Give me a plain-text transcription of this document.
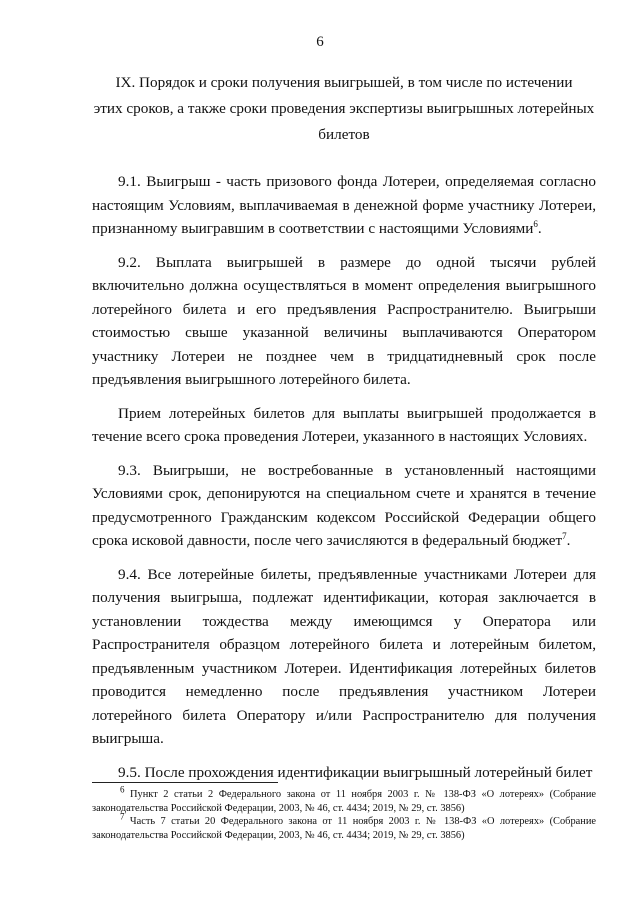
6
IX. Порядок и сроки получения выигрышей, в том числе по истечении
этих сроков, а также сроки проведения экспертизы выигрышных лотерейных
билетов

9.1. Выигрыш - часть призового фонда Лотереи, определяемая согласно настоящим Условиям, выплачиваемая в денежной форме участнику Лотереи, признанному выигравшим в соответствии с настоящими Условиями$^6$.

9.2. Выплата выигрышей в размере до одной тысячи рублей включительно должна осуществляться в момент определения выигрышного лотерейного билета и его предъявления Распространителю. Выигрыши стоимостью свыше указанной величины выплачиваются Оператором участнику Лотереи не позднее чем в тридцатидневный срок после предъявления выигрышного лотерейного билета.

Прием лотерейных билетов для выплаты выигрышей продолжается в течение всего срока проведения Лотереи, указанного в настоящих Условиях.

9.3. Выигрыши, не востребованные в установленный настоящими Условиями срок, депонируются на специальном счете и хранятся в течение предусмотренного Гражданским кодексом Российской Федерации общего срока исковой давности, после чего зачисляются в федеральный бюджет$^7$.

9.4. Все лотерейные билеты, предъявленные участниками Лотереи для получения выигрыша, подлежат идентификации, которая заключается в установлении тождества между имеющимся у Оператора или Распространителя образцом лотерейного билета и лотерейным билетом, предъявленным участником Лотереи. Идентификация лотерейных билетов проводится немедленно после предъявления участником Лотереи лотерейного билета Оператору и/или Распространителю для получения выигрыша.

9.5. После прохождения идентификации выигрышный лотерейный билет

$^6$ Пункт 2 статьи 2 Федерального закона от 11 ноября 2003 г. № 138-ФЗ «О лотереях» (Собрание законодательства Российской Федерации, 2003, № 46, ст. 4434; 2019, № 29, ст. 3856)

$^7$ Часть 7 статьи 20 Федерального закона от 11 ноября 2003 г. № 138-ФЗ «О лотереях» (Собрание законодательства Российской Федерации, 2003, № 46, ст. 4434; 2019, № 29, ст. 3856)
